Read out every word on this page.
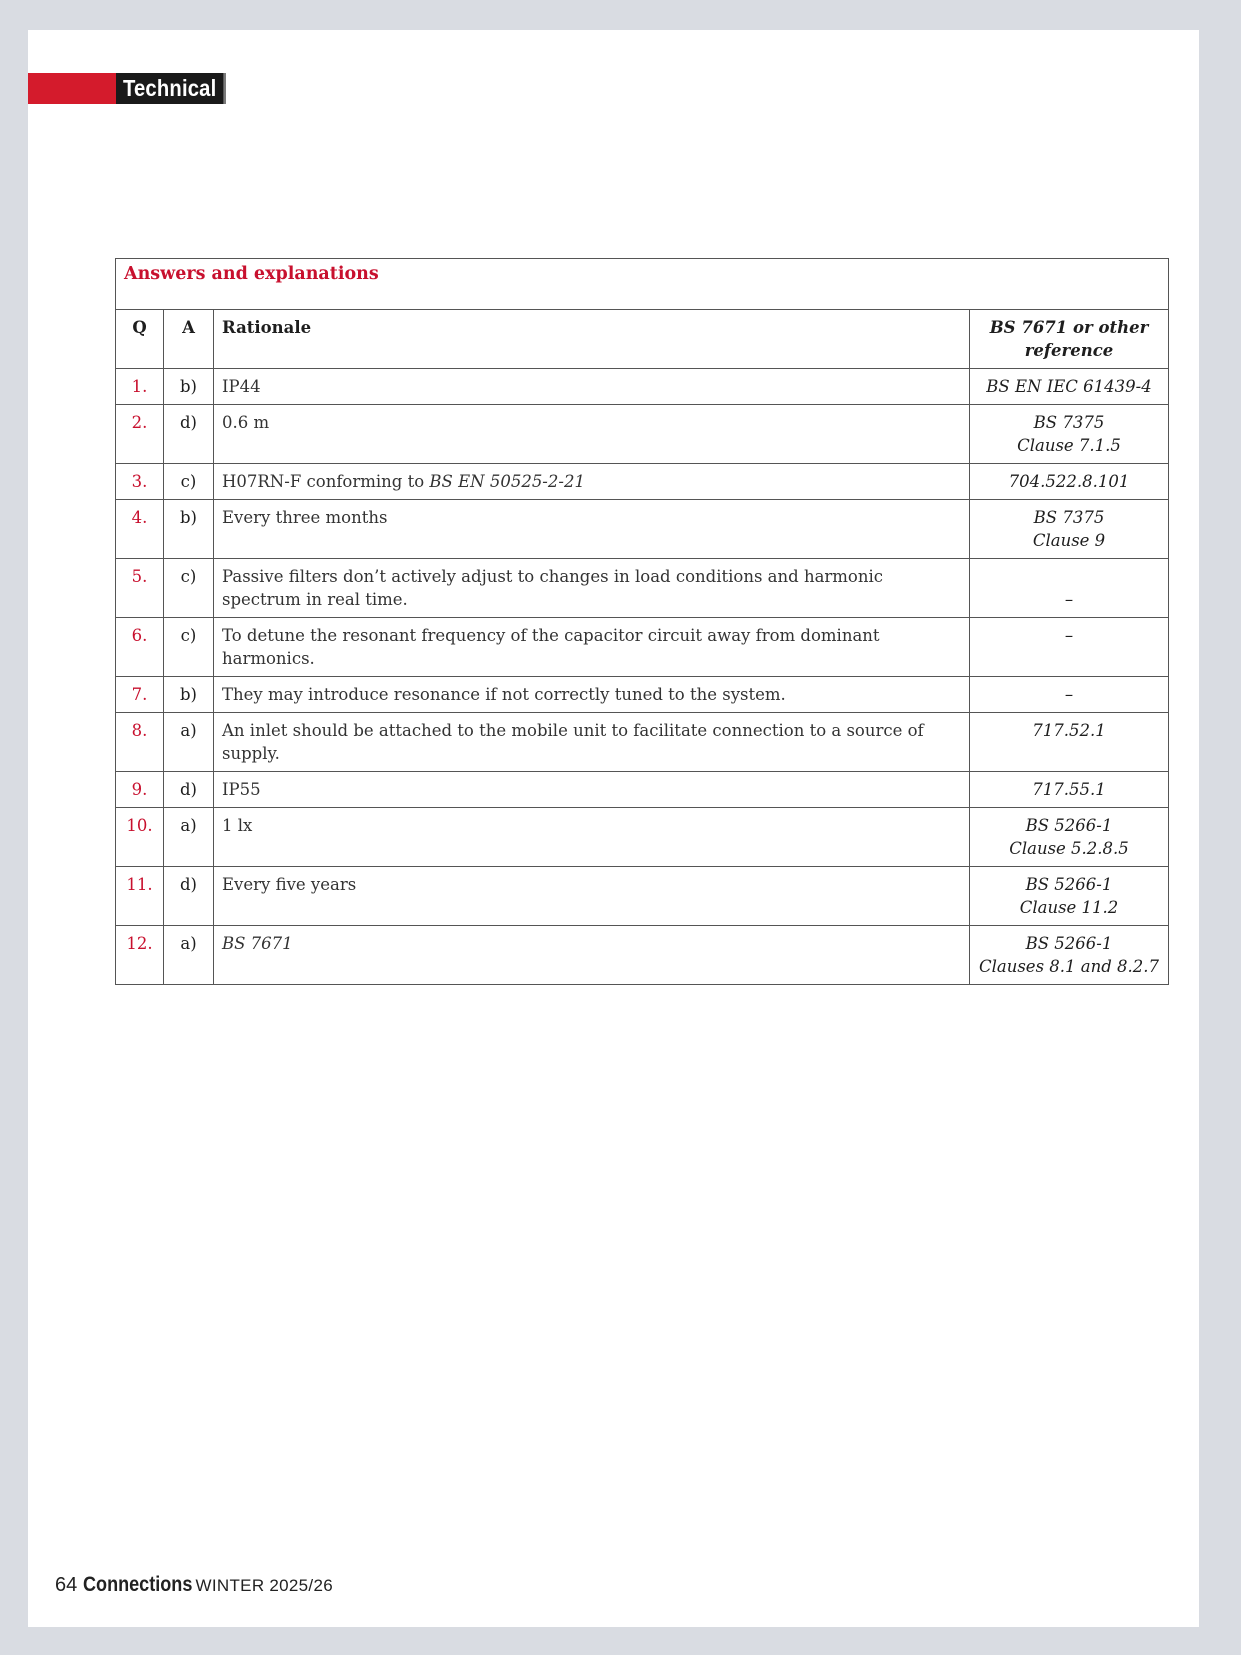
Technical
Answers and explanations			
Q	A	Rationale	BS 7671 or other
reference
1.	b)	IP44	BS EN IEC 61439-4
2.	d)	0.6 m	BS 7375
Clause 7.1.5
3.	c)	H07RN-F conforming to BS EN 50525-2-21	704.522.8.101
4.	b)	Every three months	BS 7375
Clause 9
5.	c)	Passive filters don’t actively adjust to changes in load conditions and harmonic spectrum in real time.	–
6.	c)	To detune the resonant frequency of the capacitor circuit away from dominant harmonics.	–
7.	b)	They may introduce resonance if not correctly tuned to the system.	–
8.	a)	An inlet should be attached to the mobile unit to facilitate connection to a source of supply.	717.52.1
9.	d)	IP55	717.55.1
10.	a)	1 lx	BS 5266-1
Clause 5.2.8.5
11.	d)	Every five years	BS 5266-1
Clause 11.2
12.	a)	BS 7671	BS 5266-1
Clauses 8.1 and 8.2.7
64 Connections WINTER 2025/26
